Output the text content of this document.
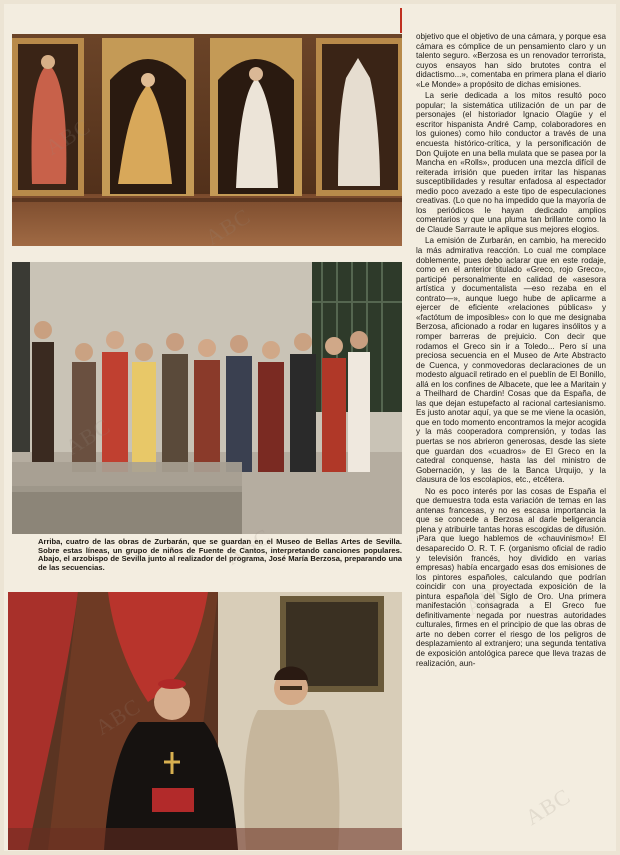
Arriba, cuatro de las obras de Zurbarán, que se guardan en el Museo de Bellas Artes de Sevilla. Sobre estas líneas, un grupo de niños de Fuente de Cantos, interpretando canciones populares. Abajo, el arzobispo de Sevilla junto al realizador del programa, José María Berzosa, preparando una de las secuencias.

objetivo que el objetivo de una cámara, y porque esa cámara es cómplice de un pensamiento claro y un talento seguro. «Berzosa es un renovador terrorista, cuyos ensayos han sido brutotes contra el didactismo...», comentaba en primera plana el diario «Le Monde» a propósito de dichas emisiones.

La serie dedicada a los mitos resultó poco popular; la sistemática utilización de un par de personajes (el historiador Ignacio Olagüe y el escritor hispanista André Camp, colaboradores en los guiones) como hilo conductor a través de una encuesta histórico-crítica, y la personificación de Don Quijote en una bella mulata que se pasea por la Mancha en «Rolls», producen una mezcla difícil de reiterada irrisión que pueden irritar las hispanas susceptibilidades y resultar enfadosa al espectador medio poco avezado a este tipo de especulaciones creativas. (Lo que no ha impedido que la mayoría de los periódicos le hayan dedicado amplios comentarios y que una pluma tan brillante como la de Claude Sarraute le aplique sus mejores elogios.

La emisión de Zurbarán, en cambio, ha merecido la más admirativa reacción. Lo cual me complace doblemente, pues debo aclarar que en este rodaje, como en el anterior titulado «Greco, rojo Greco», participé personalmente en calidad de «asesora artística y documentalista —eso rezaba en el contrato—», aunque luego hube de aplicarme a ejercer de eficiente «relaciones públicas» y «factótum de imposibles» con lo que me designaba Berzosa, aficionado a rodar en lugares insólitos y a romper barreras de prejuicio. Con decir que rodamos el Greco sin ir a Toledo... Pero sí una preciosa secuencia en el Museo de Arte Abstracto de Cuenca, y conmovedoras declaraciones de un modesto alguacil retirado en el pueblín de El Bonillo, allá en los confines de Albacete, que lee a Maritain y a Theilhard de Chardin! Cosas que da España, de las que dejan estupefacto al racional cartesianismo. Es justo anotar aquí, ya que se me viene la ocasión, que en todo momento encontramos la mejor acogida y la más cooperadora comprensión, y todas las puertas se nos abrieron generosas, desde las siete que guardan dos «cuadros» de El Greco en la catedral conquense, hasta las del ministro de Gobernación, y las de la Banca Urquijo, y la clausura de los escolapios, etc., etcétera.

No es poco interés por las cosas de España el que demuestra toda esta variación de temas en las antenas francesas, y no es escasa importancia la que se concede a Berzosa al darle beligerancia plena y atribuirle tantas horas escogidas de difusión. ¡Para que luego hablemos de «chauvinismo»! El desaparecido O. R. T. F. (organismo oficial de radio y televisión francés, hoy dividido en varias empresas) había encargado esas dos emisiones de los pintores españoles, calculando que podrían coincidir con una proyectada exposición de la pintura española del Siglo de Oro. Una primera manifestación consagrada a El Greco fue definitivamente negada por nuestras autoridades culturales, firmes en el principio de que las obras de arte no deben correr el riesgo de los peligros de desplazamiento al extranjero; una segunda tentativa de exposición antológica parece que lleva trazas de realización, aun-

ABC
ABC
ABC
ABC
